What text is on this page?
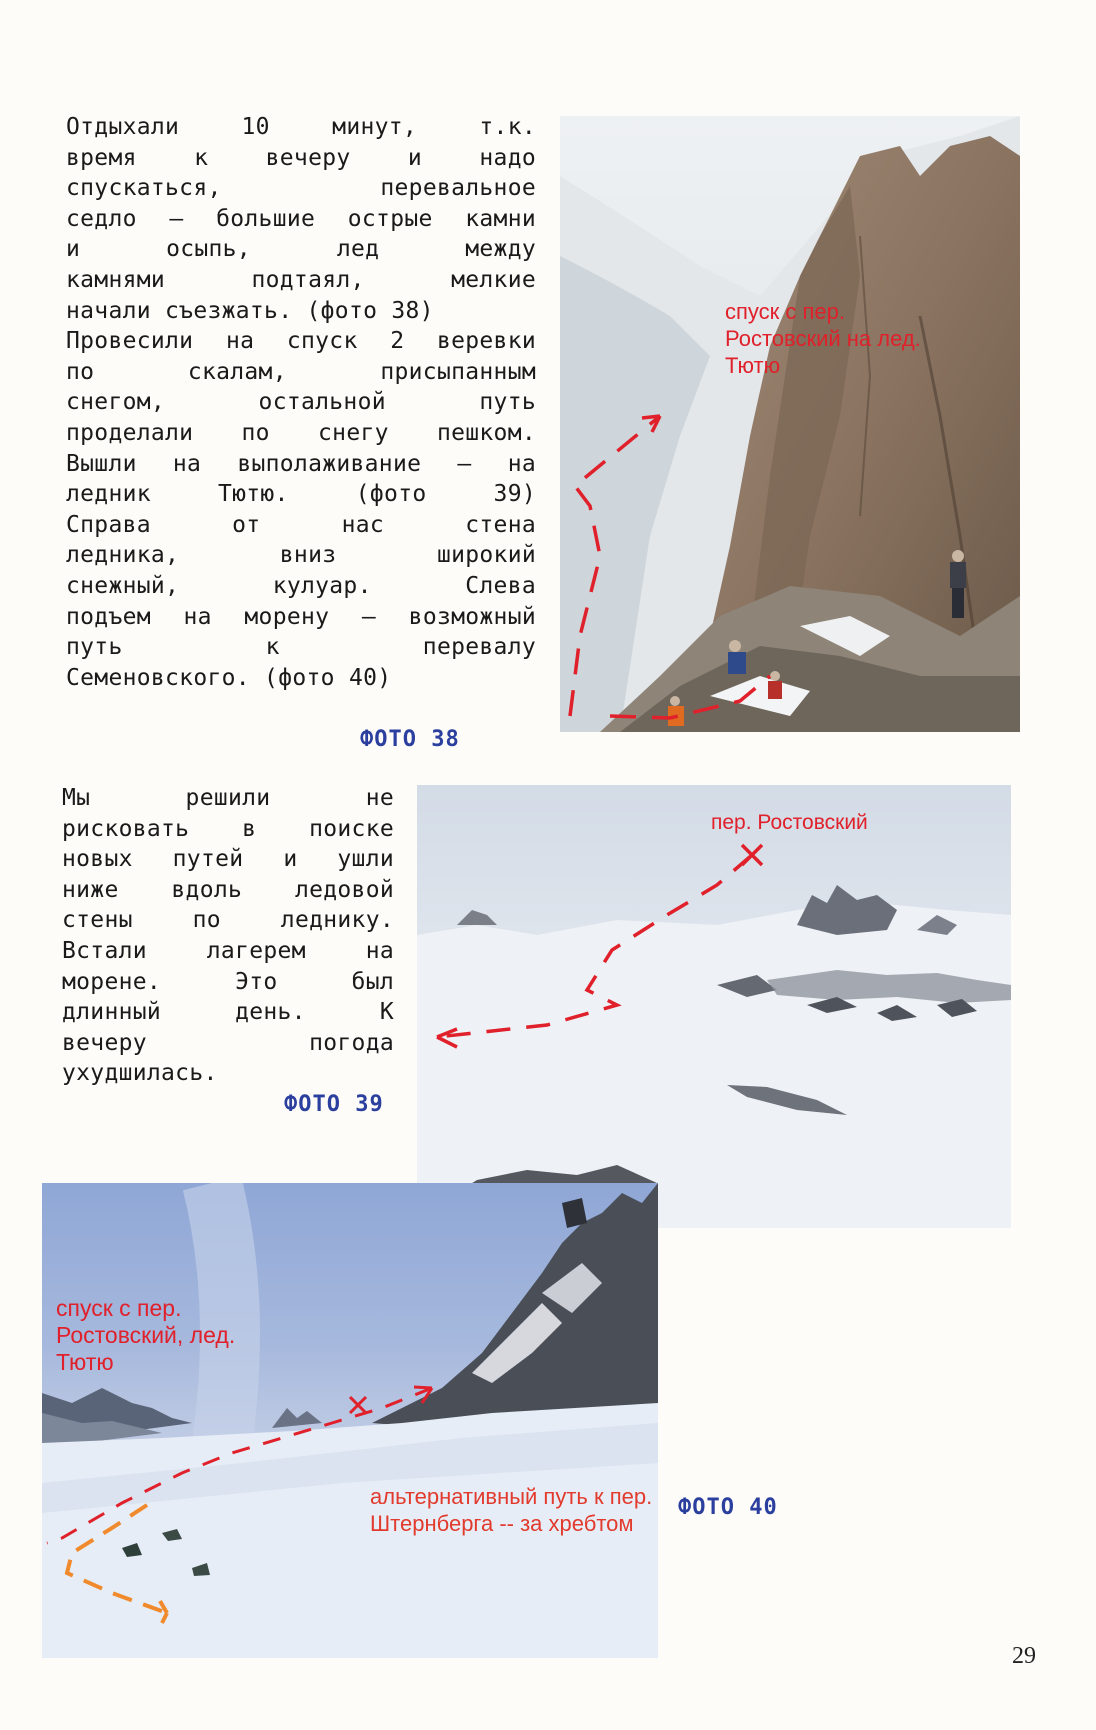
Отдыхали 10 минут, т.к.
время к вечеру и надо
спускаться, перевальное
седло – большие острые камни
и осыпь, лед между
камнями подтаял, мелкие
начали съезжать. (фото 38)
Провесили на спуск 2 веревки
по скалам, присыпанным
снегом, остальной путь
проделали по снегу пешком.
Вышли на выполаживание – на
ледник Тютю. (фото 39)
Справа от нас стена
ледника, вниз широкий
снежный, кулуар. Слева
подъем на морену – возможный
путь к перевалу
Семеновского. (фото 40)
спуск с пер. Ростовский на лед. Тютю
ФОТО 38
Мы решили не
рисковать в поиске
новых путей и ушли
ниже вдоль ледовой
стены по леднику.
Встали лагерем на
морене. Это был
длинный день. К
вечеру погода
ухудшилась.
пер. Ростовский
ФОТО 39
спуск с пер. Ростовский, лед. Тютю
альтернативный путь к пер. Штернберга -- за хребтом
ФОТО 40
29
